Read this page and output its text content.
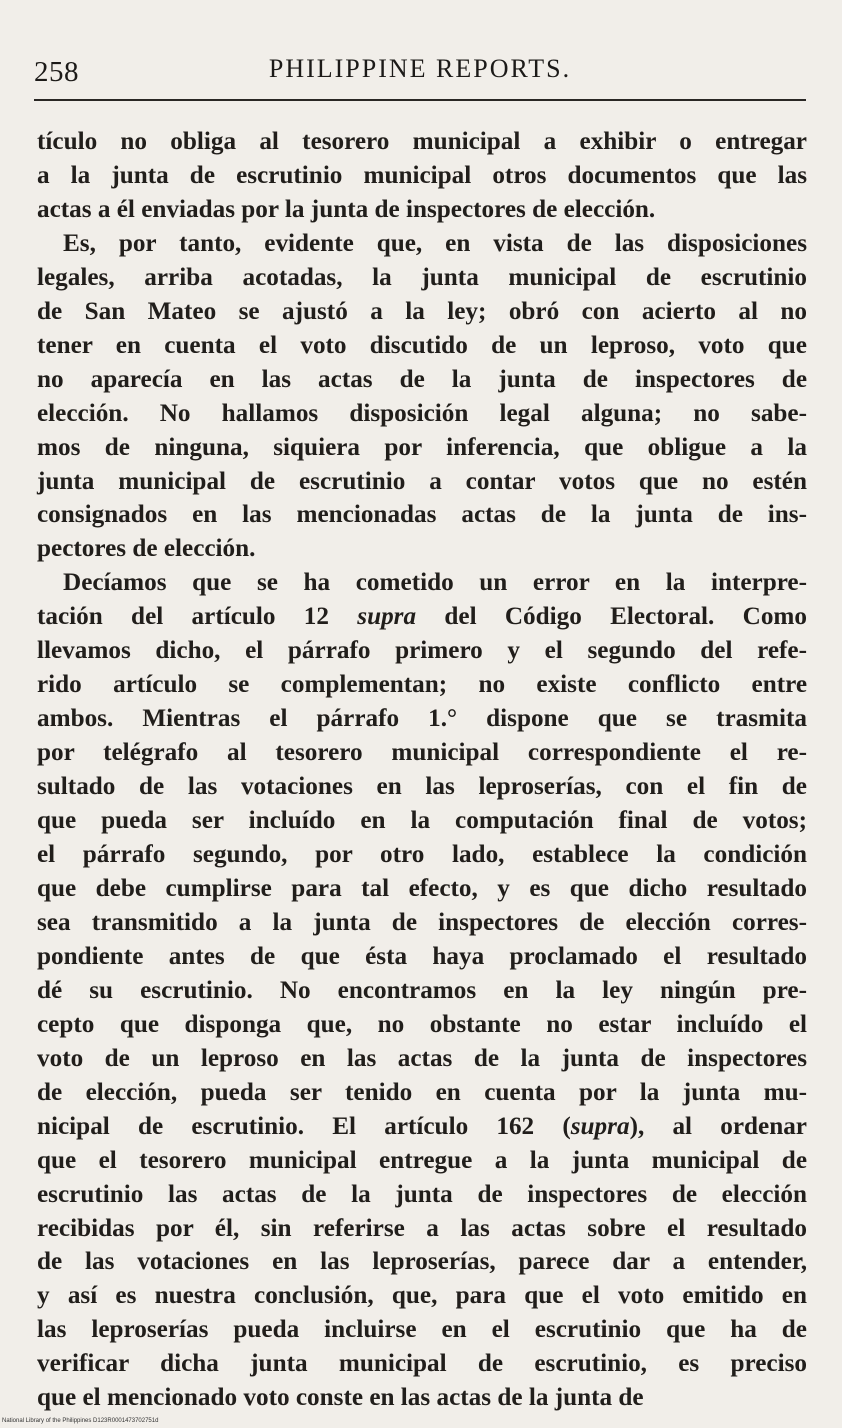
258	PHILIPPINE REPORTS.

tículo no obliga al tesorero municipal a exhibir o entregar
a la junta de escrutinio municipal otros documentos que las
actas a él enviadas por la junta de inspectores de elección.

Es, por tanto, evidente que, en vista de las disposiciones
legales, arriba acotadas, la junta municipal de escrutinio
de San Mateo se ajustó a la ley; obró con acierto al no
tener en cuenta el voto discutido de un leproso, voto que
no aparecía en las actas de la junta de inspectores de
elección. No hallamos disposición legal alguna; no sabe-
mos de ninguna, siquiera por inferencia, que obligue a la
junta municipal de escrutinio a contar votos que no estén
consignados en las mencionadas actas de la junta de ins-
pectores de elección.

Decíamos que se ha cometido un error en la interpre-
tación del artículo 12 supra del Código Electoral. Como
llevamos dicho, el párrafo primero y el segundo del refe-
rido artículo se complementan; no existe conflicto entre
ambos. Mientras el párrafo 1.° dispone que se trasmita
por telégrafo al tesorero municipal correspondiente el re-
sultado de las votaciones en las leproserías, con el fin de
que pueda ser incluído en la computación final de votos;
el párrafo segundo, por otro lado, establece la condición
que debe cumplirse para tal efecto, y es que dicho resultado
sea transmitido a la junta de inspectores de elección corres-
pondiente antes de que ésta haya proclamado el resultado
dé su escrutinio. No encontramos en la ley ningún pre-
cepto que disponga que, no obstante no estar incluído el
voto de un leproso en las actas de la junta de inspectores
de elección, pueda ser tenido en cuenta por la junta mu-
nicipal de escrutinio. El artículo 162 (supra), al ordenar
que el tesorero municipal entregue a la junta municipal de
escrutinio las actas de la junta de inspectores de elección
recibidas por él, sin referirse a las actas sobre el resultado
de las votaciones en las leproserías, parece dar a entender,
y así es nuestra conclusión, que, para que el voto emitido en
las leproserías pueda incluirse en el escrutinio que ha de
verificar dicha junta municipal de escrutinio, es preciso
que el mencionado voto conste en las actas de la junta de

National Library of the Philippines D123R0001473702751d
